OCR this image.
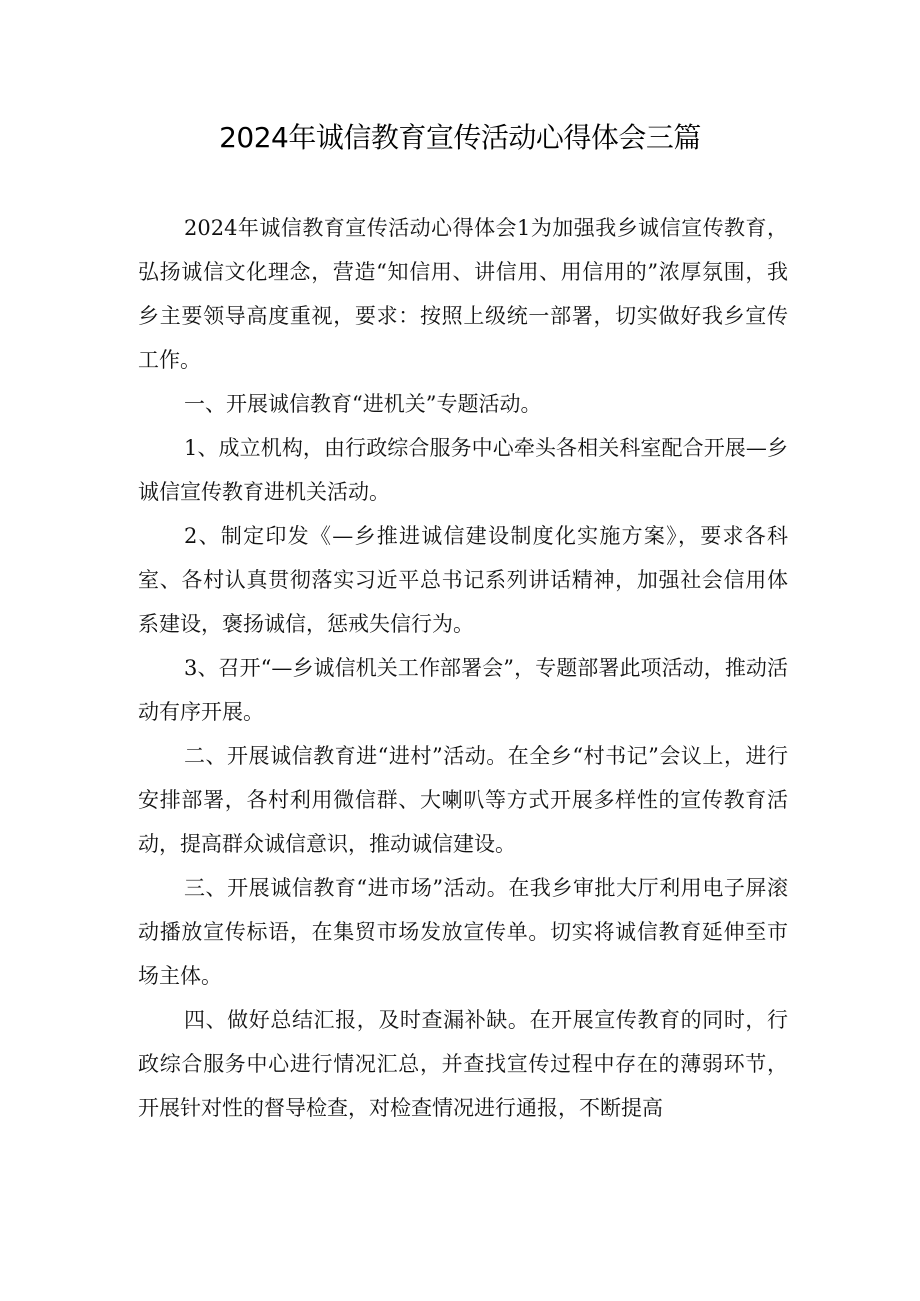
2024年诚信教育宣传活动心得体会三篇

2024年诚信教育宣传活动心得体会1为加强我乡诚信宣传教育，弘扬诚信文化理念，营造“知信用、讲信用、用信用的”浓厚氛围，我乡主要领导高度重视，要求：按照上级统一部署，切实做好我乡宣传工作。

一、开展诚信教育“进机关”专题活动。

1、成立机构，由行政综合服务中心牵头各相关科室配合开展—乡诚信宣传教育进机关活动。

2、制定印发《—乡推进诚信建设制度化实施方案》，要求各科室、各村认真贯彻落实习近平总书记系列讲话精神，加强社会信用体系建设，褒扬诚信，惩戒失信行为。

3、召开“—乡诚信机关工作部署会”，专题部署此项活动，推动活动有序开展。

二、开展诚信教育进“进村”活动。在全乡“村书记”会议上，进行安排部署，各村利用微信群、大喇叭等方式开展多样性的宣传教育活动，提高群众诚信意识，推动诚信建设。

三、开展诚信教育“进市场”活动。在我乡审批大厅利用电子屏滚动播放宣传标语，在集贸市场发放宣传单。切实将诚信教育延伸至市场主体。

四、做好总结汇报，及时查漏补缺。在开展宣传教育的同时，行政综合服务中心进行情况汇总，并查找宣传过程中存在的薄弱环节，开展针对性的督导检查，对检查情况进行通报，不断提高
